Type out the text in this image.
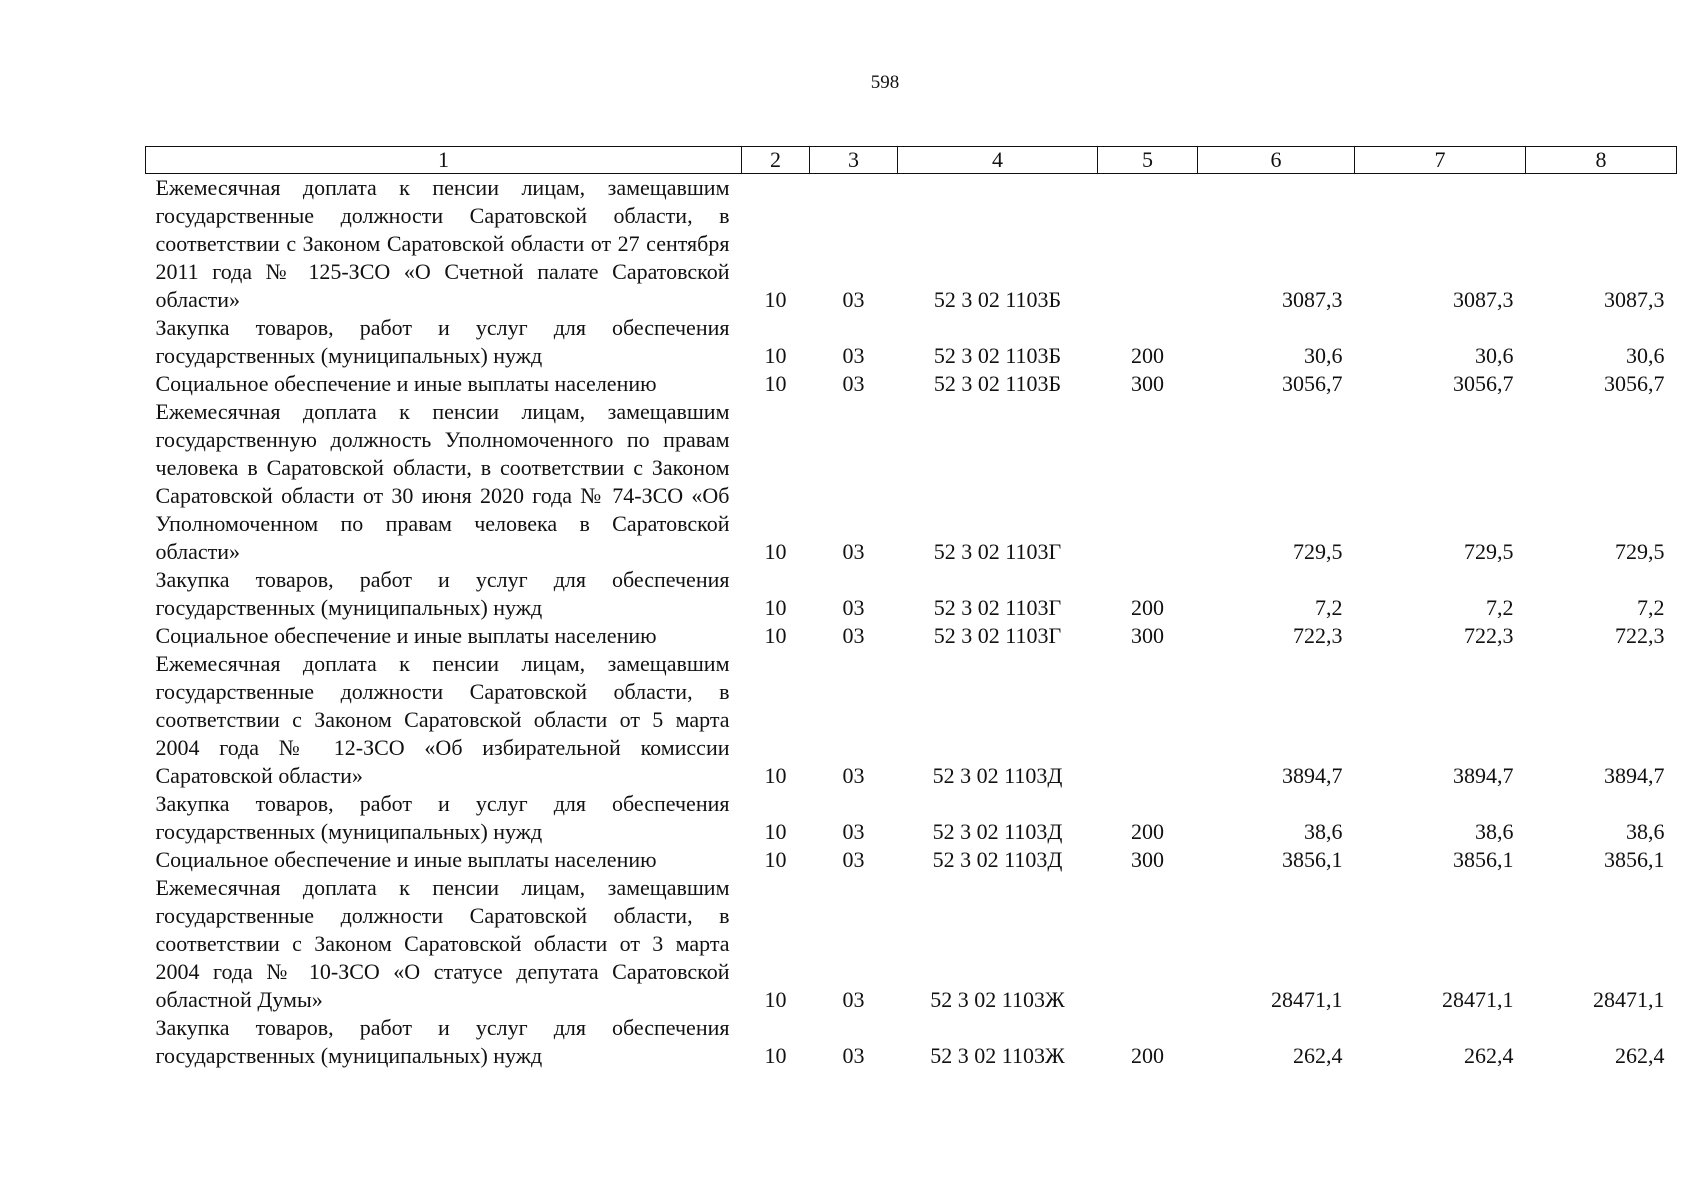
598
1	2	3	4	5	6	7	8
Ежемесячная доплата к пенсии лицам, замещавшим государственные должности Саратовской области, в соответствии с Законом Саратовской области от 27 сентября 2011 года № 125-ЗСО «О Счетной палате Саратовской области»	10	03	52 3 02 1103Б		3087,3	3087,3	3087,3
Закупка товаров, работ и услуг для обеспечения государственных (муниципальных) нужд	10	03	52 3 02 1103Б	200	30,6	30,6	30,6
Социальное обеспечение и иные выплаты населению	10	03	52 3 02 1103Б	300	3056,7	3056,7	3056,7
Ежемесячная доплата к пенсии лицам, замещавшим государственную должность Уполномоченного по правам человека в Саратовской области, в соответствии с Законом Саратовской области от 30 июня 2020 года № 74-ЗСО «Об Уполномоченном по правам человека в Саратовской области»	10	03	52 3 02 1103Г		729,5	729,5	729,5
Закупка товаров, работ и услуг для обеспечения государственных (муниципальных) нужд	10	03	52 3 02 1103Г	200	7,2	7,2	7,2
Социальное обеспечение и иные выплаты населению	10	03	52 3 02 1103Г	300	722,3	722,3	722,3
Ежемесячная доплата к пенсии лицам, замещавшим государственные должности Саратовской области, в соответствии с Законом Саратовской области от 5 марта 2004 года № 12-ЗСО «Об избирательной комиссии Саратовской области»	10	03	52 3 02 1103Д		3894,7	3894,7	3894,7
Закупка товаров, работ и услуг для обеспечения государственных (муниципальных) нужд	10	03	52 3 02 1103Д	200	38,6	38,6	38,6
Социальное обеспечение и иные выплаты населению	10	03	52 3 02 1103Д	300	3856,1	3856,1	3856,1
Ежемесячная доплата к пенсии лицам, замещавшим государственные должности Саратовской области, в соответствии с Законом Саратовской области от 3 марта 2004 года № 10-ЗСО «О статусе депутата Саратовской областной Думы»	10	03	52 3 02 1103Ж		28471,1	28471,1	28471,1
Закупка товаров, работ и услуг для обеспечения государственных (муниципальных) нужд	10	03	52 3 02 1103Ж	200	262,4	262,4	262,4
